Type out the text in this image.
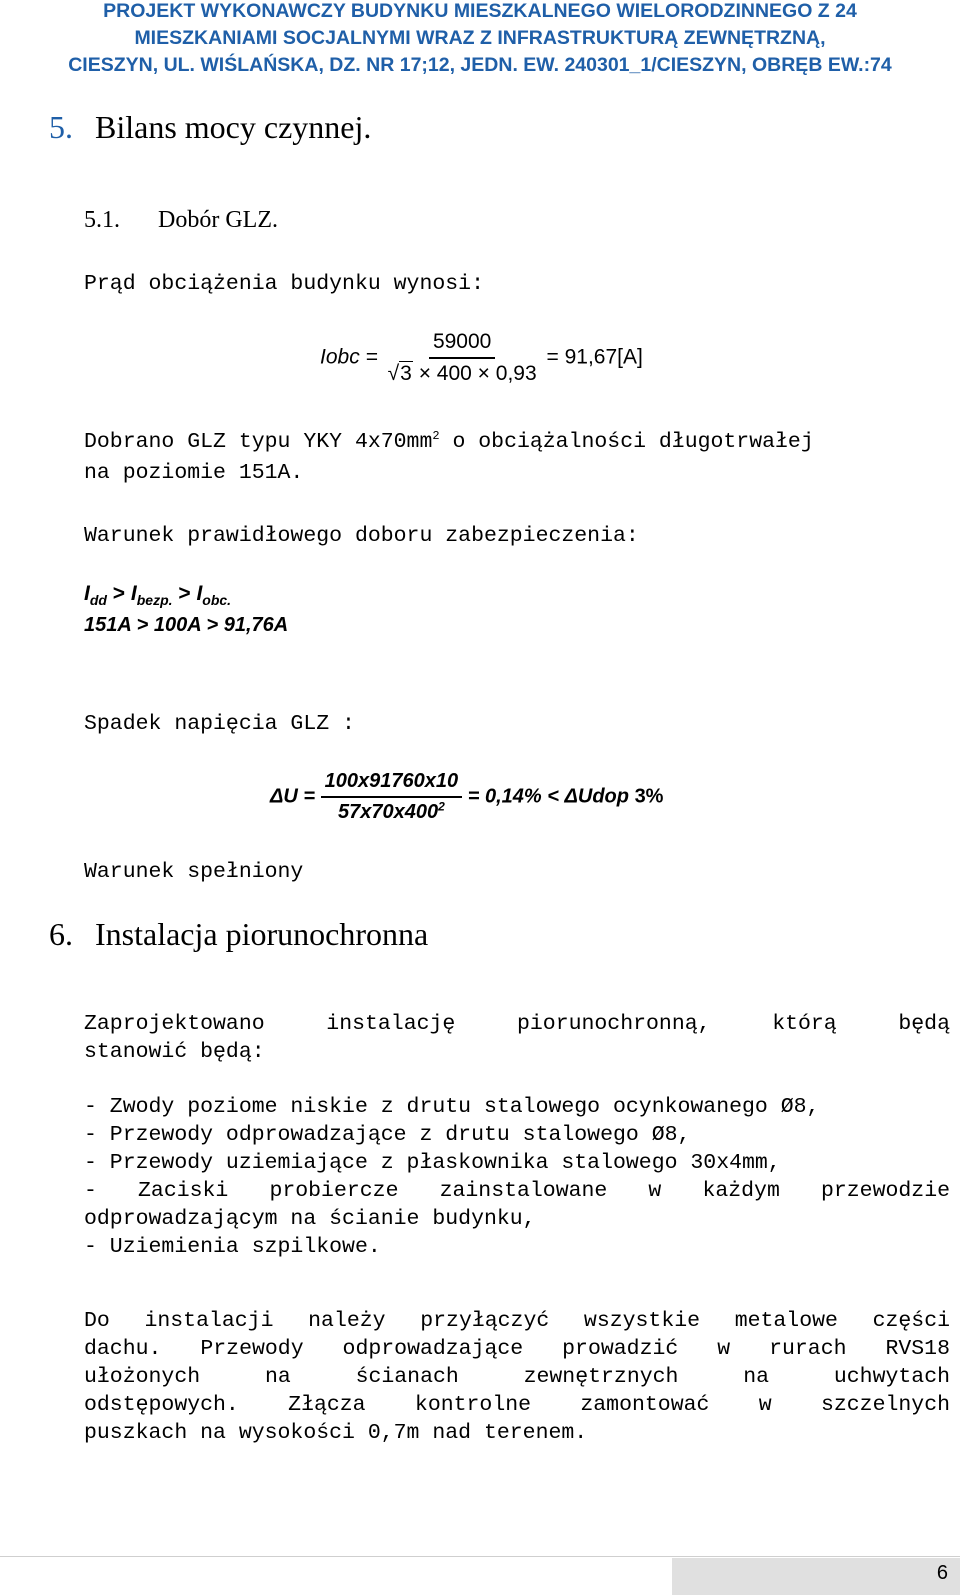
PROJEKT WYKONAWCZY BUDYNKU MIESZKALNEGO WIELORODZINNEGO Z 24
MIESZKANIAMI SOCJALNYMI WRAZ Z INFRASTRUKTURĄ ZEWNĘTRZNĄ,
CIESZYN, UL. WIŚLAŃSKA, DZ. NR 17;12, JEDN. EW. 240301_1/CIESZYN, OBRĘB EW.:74
5. Bilans mocy czynnej.
5.1. Dobór GLZ.
Prąd obciążenia budynku wynosi:
Iobc = $\frac{59000}{√3 \times 400 \times 0,93} = 91,67[A]$
Dobrano GLZ typu YKY $4x70mm^2$ o obciążalności długotrwałej
na poziomie 151A.
Warunek prawidłowego doboru zabezpieczenia:
$I_{dd} > I_{bezp.} > I_{obc.}$
151A > 100A > 91,76A
Spadek napięcia GLZ :
$\Delta U = \frac{100x91760x10}{57x70x400^2} = 0,14\%$ < ΔUdop 3%
Warunek spełniony
6. Instalacja piorunochronna
Zaprojektowano instalację piorunochronną, którą będą
stanowić będą:
- Zwody poziome niskie z drutu stalowego ocynkowanego Ø8,
- Przewody odprowadzające z drutu stalowego Ø8,
- Przewody uziemiające z płaskownika stalowego 30x4mm,
- Zaciski probiercze zainstalowane w każdym przewodzie
odprowadzającym na ścianie budynku,
- Uziemienia szpilkowe.
Do instalacji należy przyłączyć wszystkie metalowe części
dachu. Przewody odprowadzające prowadzić w rurach RVS18
ułożonych na ścianach zewnętrznych na uchwytach
odstępowych. Złącza kontrolne zamontować w szczelnych
puszkach na wysokości 0,7m nad terenem.
6
